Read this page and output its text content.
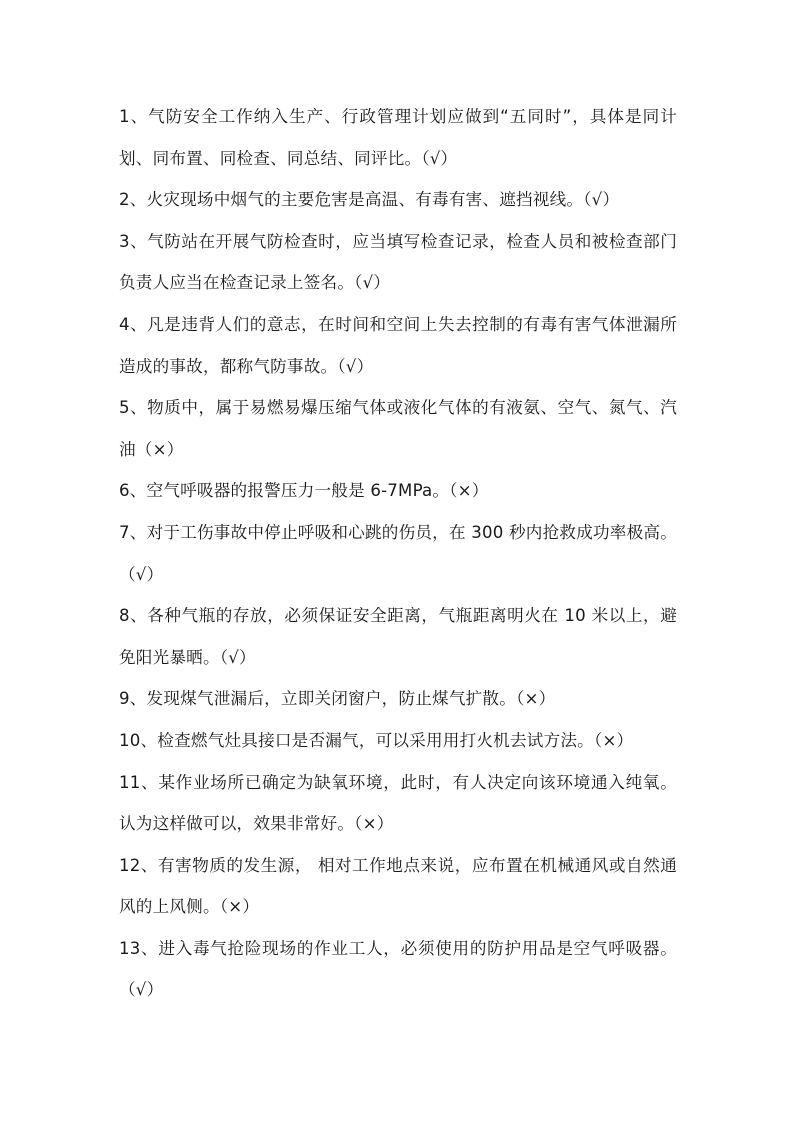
1、气防安全工作纳入生产、行政管理计划应做到“五同时”，具体是同计划、同布置、同检查、同总结、同评比。（√）

2、火灾现场中烟气的主要危害是高温、有毒有害、遮挡视线。（√）

3、气防站在开展气防检查时，应当填写检查记录，检查人员和被检查部门负责人应当在检查记录上签名。（√）

4、凡是违背人们的意志，在时间和空间上失去控制的有毒有害气体泄漏所造成的事故，都称气防事故。（√）

5、物质中，属于易燃易爆压缩气体或液化气体的有液氨、空气、氮气、汽油（×）

6、空气呼吸器的报警压力一般是 6-7MPa。（×）

7、对于工伤事故中停止呼吸和心跳的伤员，在 300 秒内抢救成功率极高。（√）

8、各种气瓶的存放，必须保证安全距离，气瓶距离明火在 10 米以上，避免阳光暴晒。（√）

9、发现煤气泄漏后，立即关闭窗户，防止煤气扩散。（×）

10、检查燃气灶具接口是否漏气，可以采用用打火机去试方法。（×）

11、某作业场所已确定为缺氧环境，此时，有人决定向该环境通入纯氧。认为这样做可以，效果非常好。（×）

12、有害物质的发生源， 相对工作地点来说，应布置在机械通风或自然通风的上风侧。（×）

13、进入毒气抢险现场的作业工人，必须使用的防护用品是空气呼吸器。（√）
